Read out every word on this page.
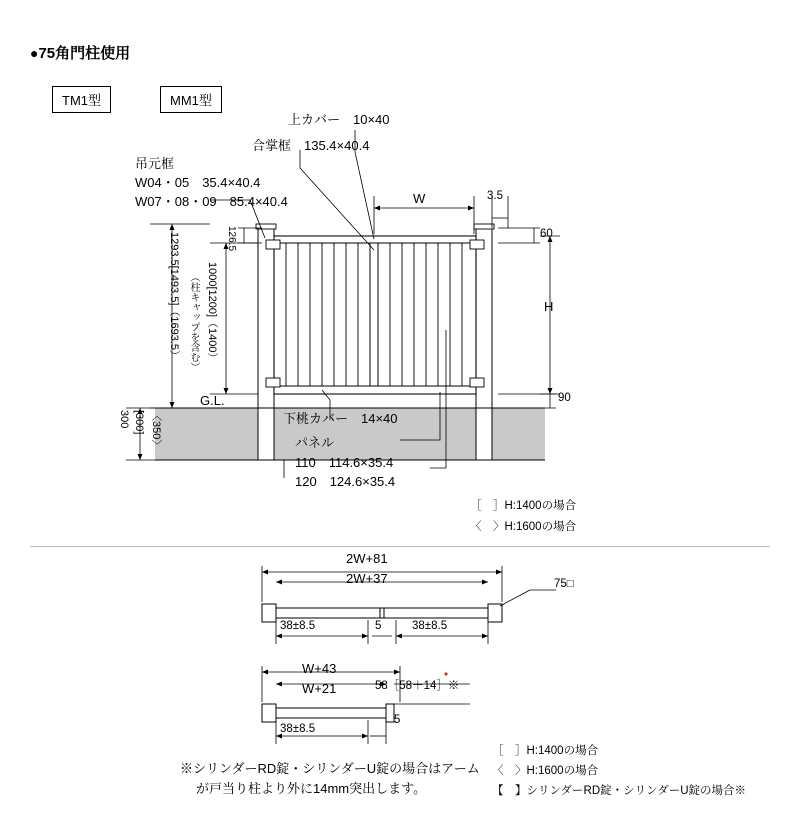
●75角門柱使用
TM1型	MM1型
上カバー　10×40
合掌框　135.4×40.4
吊元框
W04・05　35.4×40.4
W07・08・09　85.4×40.4	W	3.5
60
H
90
126.5
1000[1200]（1400）
（柱キャップを含む）
1293.5[1493.5]（1693.5）
300 [300] 〈350〉
G.L.
下桃カバー　14×40
パネル
110　114.6×35.4
120　124.6×35.4
［　］H:1400の場合
〈　〉H:1600の場合
2W+81
2W+37	75□
38±8.5	5	38±8.5
W+43
W+21	58［58＋14］※
38±8.5
5
※シリンダーRD錠・シリンダーU錠の場合はアーム
が戸当り柱より外に14mm突出します。
［　］H:1400の場合
〈　〉H:1600の場合
【　】シリンダーRD錠・シリンダーU錠の場合※
